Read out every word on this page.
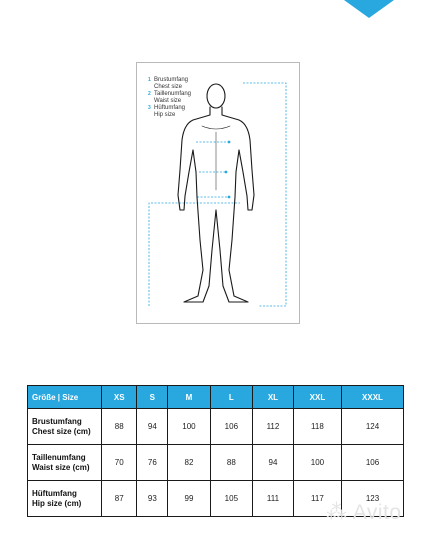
1 Brustumfang
Chest size
2 Taillenumfang
Waist size
3 Hüftumfang
Hip size
Größe | Size	XS	S	M	L	XL	XXL	XXXL
Brustumfang
Chest size (cm)	88	94	100	106	112	118	124
Taillenumfang
Waist size (cm)	70	76	82	88	94	100	106
Hüftumfang
Hip size (cm)	87	93	99	105	111	117	123
⁂ Avito
